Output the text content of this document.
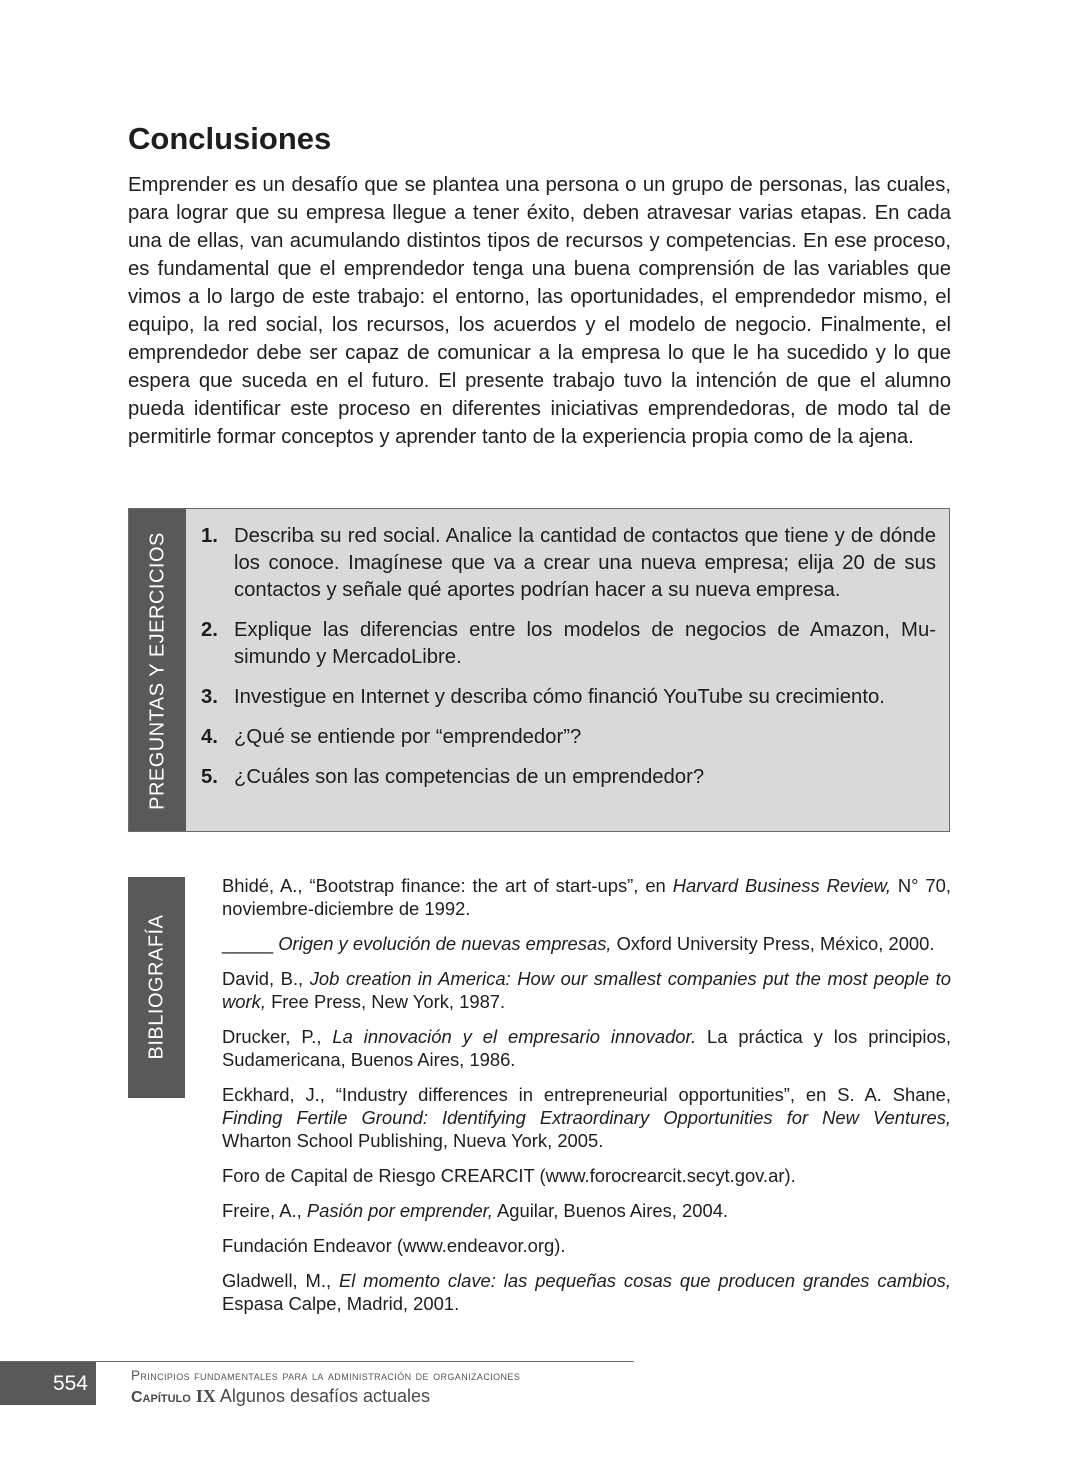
Conclusiones

Emprender es un desafío que se plantea una persona o un grupo de personas, las cuales, para lograr que su empresa llegue a tener éxito, deben atravesar varias etapas. En cada una de ellas, van acumulando distintos tipos de recursos y competencias. En ese proceso, es fundamental que el emprendedor tenga una buena comprensión de las variables que vimos a lo largo de este trabajo: el entorno, las oportunidades, el emprendedor mismo, el equipo, la red social, los recursos, los acuerdos y el modelo de negocio. Finalmente, el emprendedor debe ser capaz de comunicar a la empresa lo que le ha sucedido y lo que espera que suceda en el futuro. El presente trabajo tuvo la intención de que el alumno pueda identificar este proceso en diferentes iniciativas emprendedoras, de modo tal de permitirle formar conceptos y aprender tanto de la experiencia propia como de la ajena.

PREGUNTAS Y EJERCICIOS 1. Describa su red social. Analice la cantidad de contactos que tiene y de dónde los conoce. Imagínese que va a crear una nueva empresa; elija 20 de sus contactos y señale qué aportes podrían hacer a su nueva empresa.
2. Explique las diferencias entre los modelos de negocios de Amazon, Musimundo y MercadoLibre.
3. Investigue en Internet y describa cómo financió YouTube su crecimiento.
4. ¿Qué se entiende por “emprendedor”?
5. ¿Cuáles son las competencias de un emprendedor?
BIBLIOGRAFÍA
Bhidé, A., “Bootstrap finance: the art of start-ups”, en Harvard Business Review, N° 70, noviembre-diciembre de 1992.
_____ Origen y evolución de nuevas empresas, Oxford University Press, México, 2000.
David, B., Job creation in America: How our smallest companies put the most people to work, Free Press, New York, 1987.
Drucker, P., La innovación y el empresario innovador. La práctica y los principios, Sudamericana, Buenos Aires, 1986.
Eckhard, J., “Industry differences in entrepreneurial opportunities”, en S. A. Shane, Finding Fertile Ground: Identifying Extraordinary Opportunities for New Ventures, Wharton School Publishing, Nueva York, 2005.
Foro de Capital de Riesgo CREARCIT (www.forocrearcit.secyt.gov.ar).
Freire, A., Pasión por emprender, Aguilar, Buenos Aires, 2004.
Fundación Endeavor (www.endeavor.org).
Gladwell, M., El momento clave: las pequeñas cosas que producen grandes cambios, Espasa Calpe, Madrid, 2001.
554	Principios fundamentales para la administración de organizaciones

Capítulo IX Algunos desafíos actuales
